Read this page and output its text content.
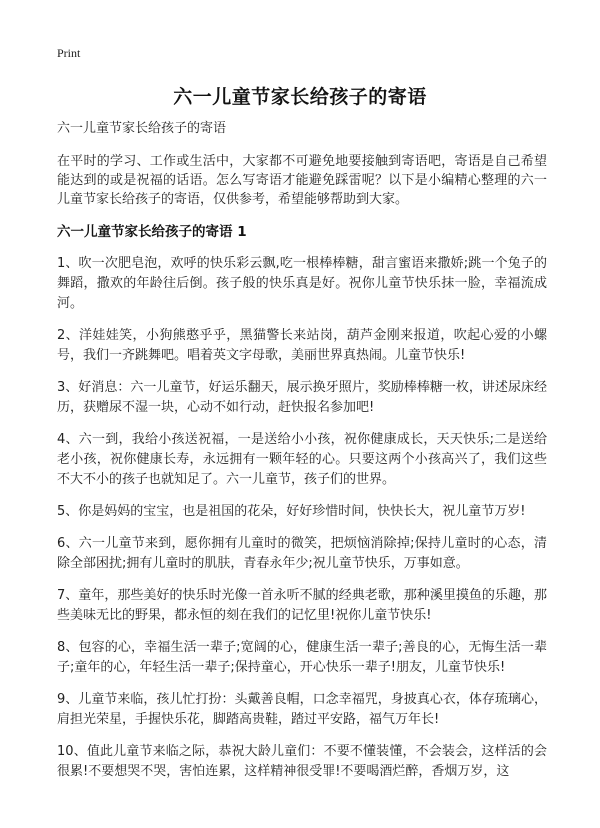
Print
六一儿童节家长给孩子的寄语

六一儿童节家长给孩子的寄语

在平时的学习、工作或生活中，大家都不可避免地要接触到寄语吧，寄语是自己希望能达到的或是祝福的话语。怎么写寄语才能避免踩雷呢？以下是小编精心整理的六一儿童节家长给孩子的寄语，仅供参考，希望能够帮助到大家。

六一儿童节家长给孩子的寄语 1

1、吹一次肥皂泡，欢呼的快乐彩云飘,吃一根棒棒糖，甜言蜜语来撒娇;跳一个兔子的舞蹈，撒欢的年龄往后倒。孩子般的快乐真是好。祝你儿童节快乐抹一脸，幸福流成河。

2、洋娃娃笑，小狗熊憨乎乎，黑猫警长来站岗，葫芦金刚来报道，吹起心爱的小螺号，我们一齐跳舞吧。唱着英文字母歌，美丽世界真热闹。儿童节快乐!

3、好消息：六一儿童节，好运乐翻天，展示换牙照片，奖励棒棒糖一枚，讲述尿床经历，获赠尿不湿一块，心动不如行动，赶快报名参加吧!

4、六一到，我给小孩送祝福，一是送给小小孩，祝你健康成长，天天快乐;二是送给老小孩，祝你健康长寿，永远拥有一颗年轻的心。只要这两个小孩高兴了，我们这些不大不小的孩子也就知足了。六一儿童节，孩子们的世界。

5、你是妈妈的宝宝，也是祖国的花朵，好好珍惜时间，快快长大，祝儿童节万岁!

6、六一儿童节来到，愿你拥有儿童时的微笑，把烦恼消除掉;保持儿童时的心态，清除全部困扰;拥有儿童时的肌肤，青春永年少;祝儿童节快乐，万事如意。

7、童年，那些美好的快乐时光像一首永听不腻的经典老歌，那种溪里摸鱼的乐趣，那些美味无比的野果，都永恒的刻在我们的记忆里!祝你儿童节快乐!

8、包容的心，幸福生活一辈子;宽阔的心，健康生活一辈子;善良的心，无悔生活一辈子;童年的心，年轻生活一辈子;保持童心，开心快乐一辈子!朋友，儿童节快乐!

9、儿童节来临，孩儿忙打扮：头戴善良帽，口念幸福咒，身披真心衣，体存琉璃心，肩担光荣星，手握快乐花，脚踏高贵鞋，踏过平安路，福气万年长!

10、值此儿童节来临之际，恭祝大龄儿童们：不要不懂装懂，不会装会，这样活的会很累!不要想哭不哭，害怕连累，这样精神很受罪!不要喝酒烂醉，香烟万岁，这
